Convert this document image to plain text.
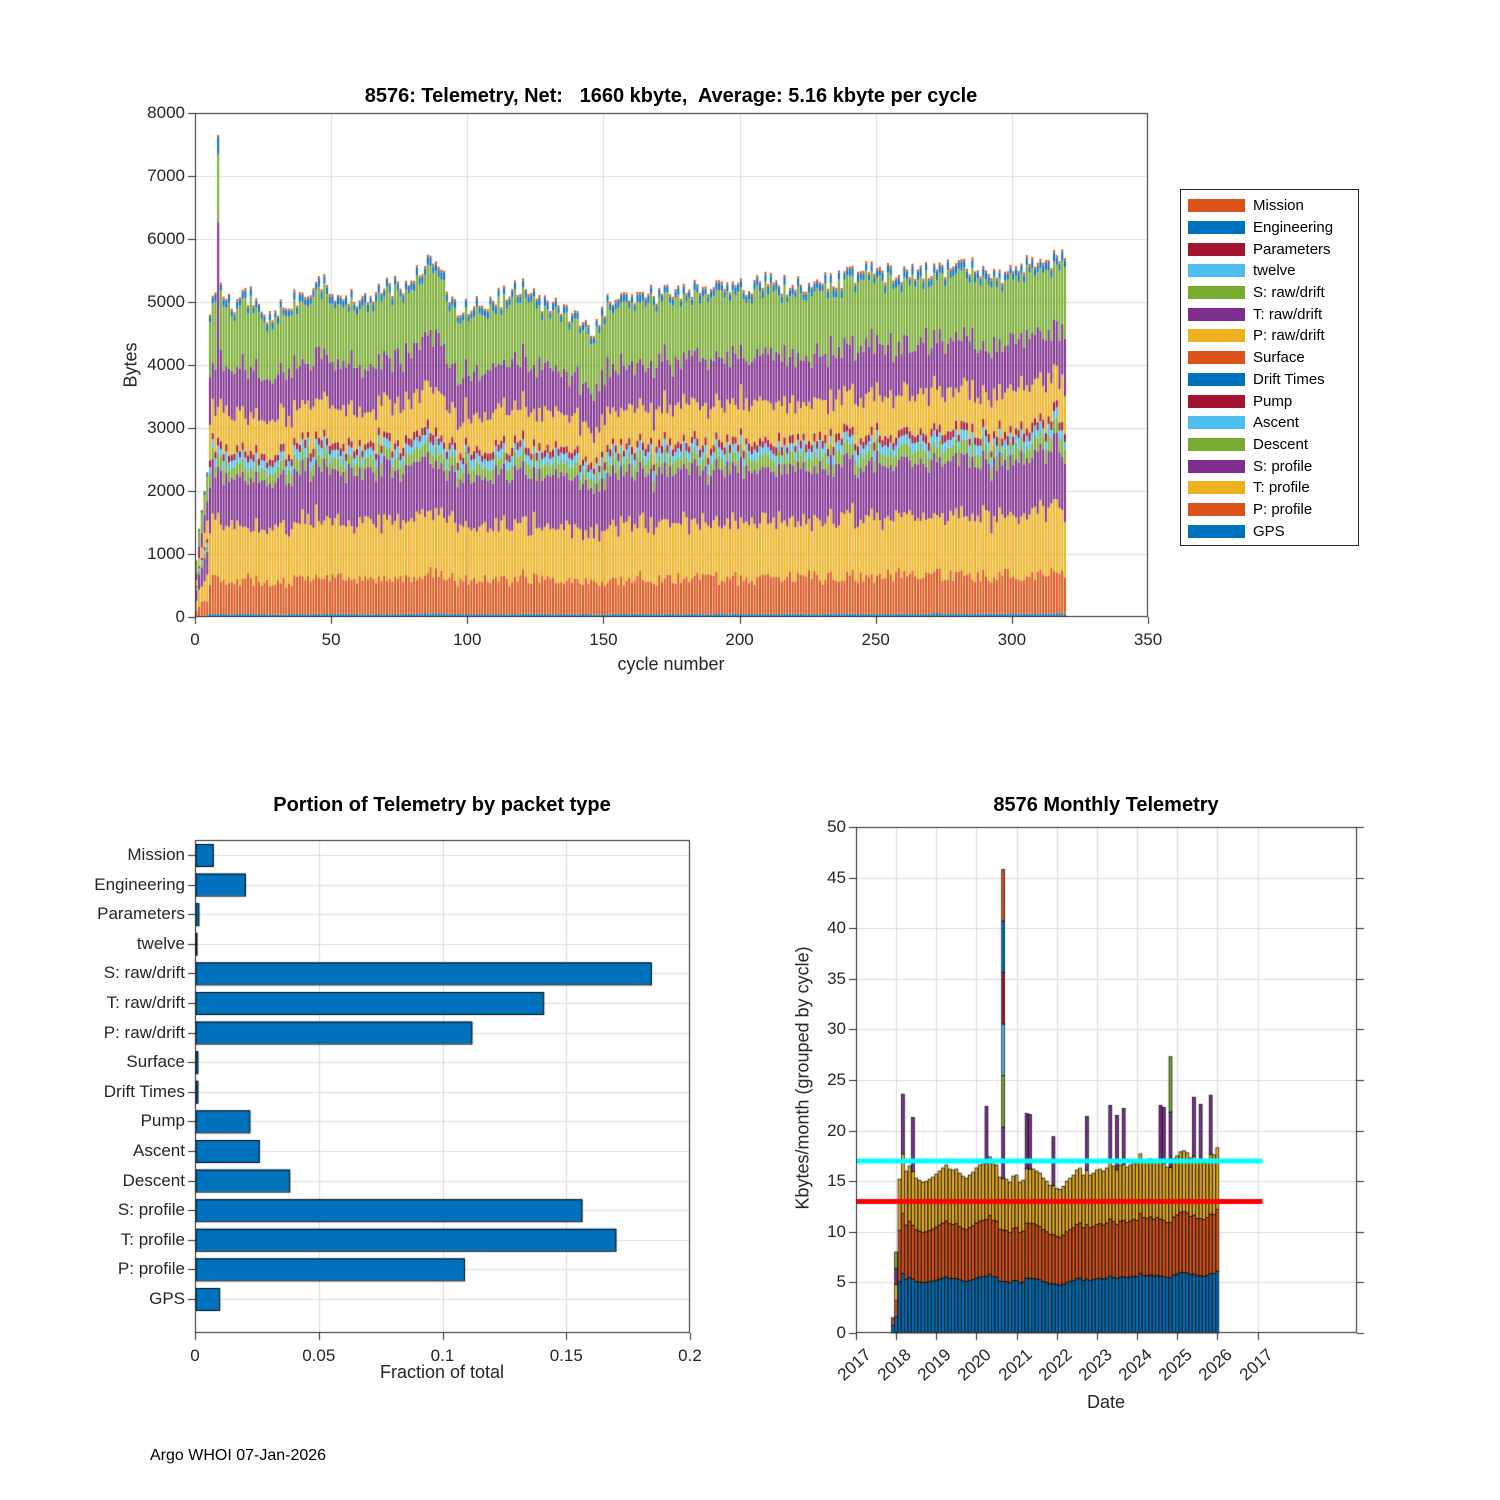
8576: Telemetry, Net:   1660 kbyte,  Average: 5.16 kbyte per cycle
Bytes
cycle number
0
1000
2000
3000
4000
5000
6000
7000
8000
0	50	100	150	200	250	300	350
Mission
Engineering
Parameters
twelve
S: raw/drift
T: raw/drift
P: raw/drift
Surface
Drift Times
Pump
Ascent
Descent
S: profile
T: profile
P: profile
GPS
Portion of Telemetry by packet type
Fraction of total
Mission
Engineering
Parameters
twelve
S: raw/drift
T: raw/drift
P: raw/drift
Surface
Drift Times
Pump
Ascent
Descent
S: profile
T: profile
P: profile
GPS
0	0.05	0.1	0.15	0.2
8576 Monthly Telemetry
Kbytes/month (grouped by cycle)
Date
0
5
10
15
20
25
30
35
40
45
50
2017 2018 2019 2020 2021 2022 2023 2024 2025 2026 2017
Argo WHOI 07-Jan-2026
